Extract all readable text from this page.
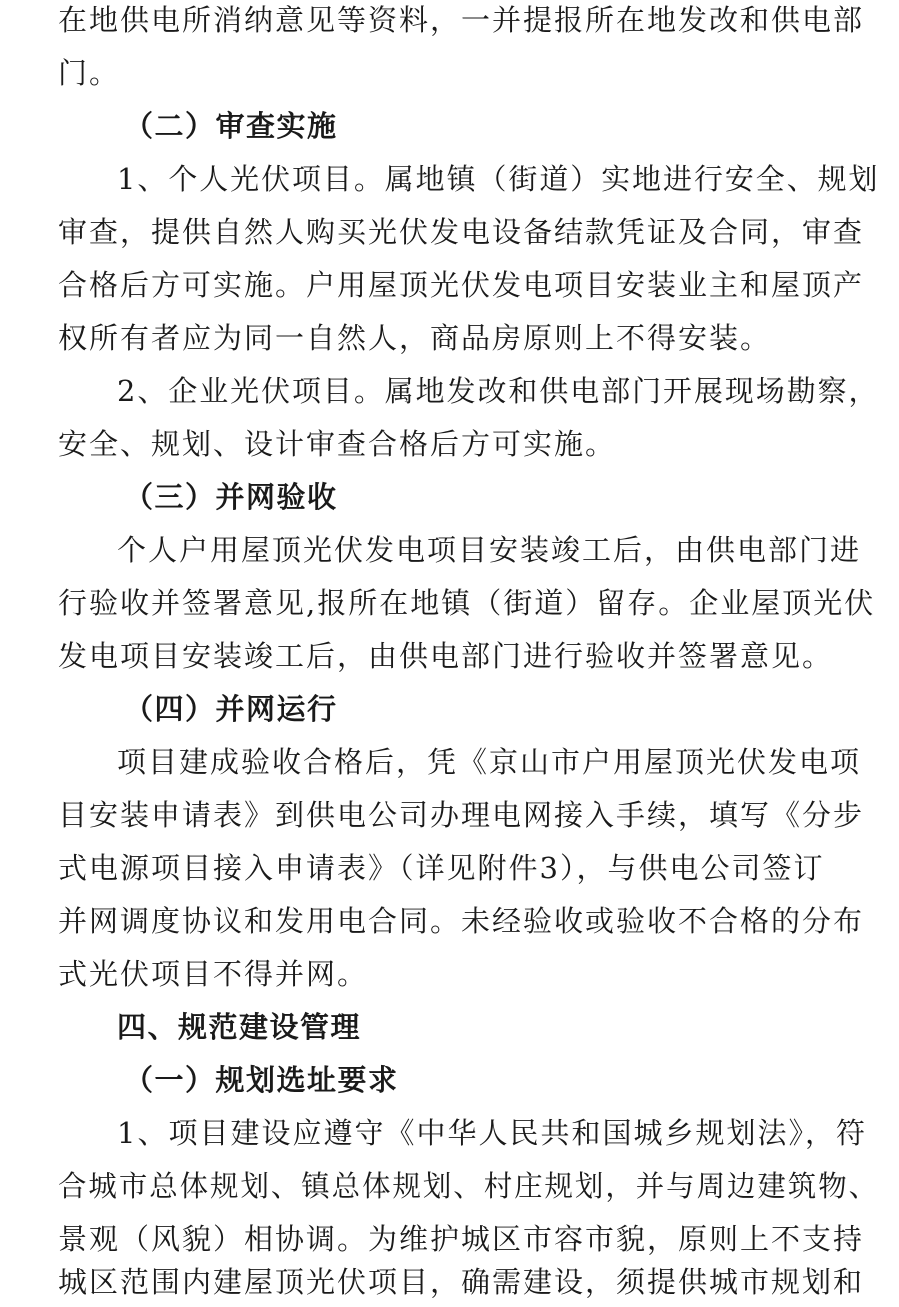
在地供电所消纳意见等资料，一并提报所在地发改和供电部
门。
（二）审查实施
1、个人光伏项目。属地镇（街道）实地进行安全、规划
审查，提供自然人购买光伏发电设备结款凭证及合同，审查
合格后方可实施。户用屋顶光伏发电项目安装业主和屋顶产
权所有者应为同一自然人，商品房原则上不得安装。
2、企业光伏项目。属地发改和供电部门开展现场勘察，
安全、规划、设计审查合格后方可实施。
（三）并网验收
个人户用屋顶光伏发电项目安装竣工后，由供电部门进
行验收并签署意见,报所在地镇（街道）留存。企业屋顶光伏
发电项目安装竣工后，由供电部门进行验收并签署意见。
（四）并网运行
项目建成验收合格后，凭《京山市户用屋顶光伏发电项
目安装申请表》到供电公司办理电网接入手续，填写《分步
式电源项目接入申请表》（详见附件3），与供电公司签订
并网调度协议和发用电合同。未经验收或验收不合格的分布
式光伏项目不得并网。
四、规范建设管理
（一）规划选址要求
1、项目建设应遵守《中华人民共和国城乡规划法》，符
合城市总体规划、镇总体规划、村庄规划，并与周边建筑物、
景观（风貌）相协调。为维护城区市容市貌，原则上不支持
城区范围内建屋顶光伏项目，确需建设，须提供城市规划和
